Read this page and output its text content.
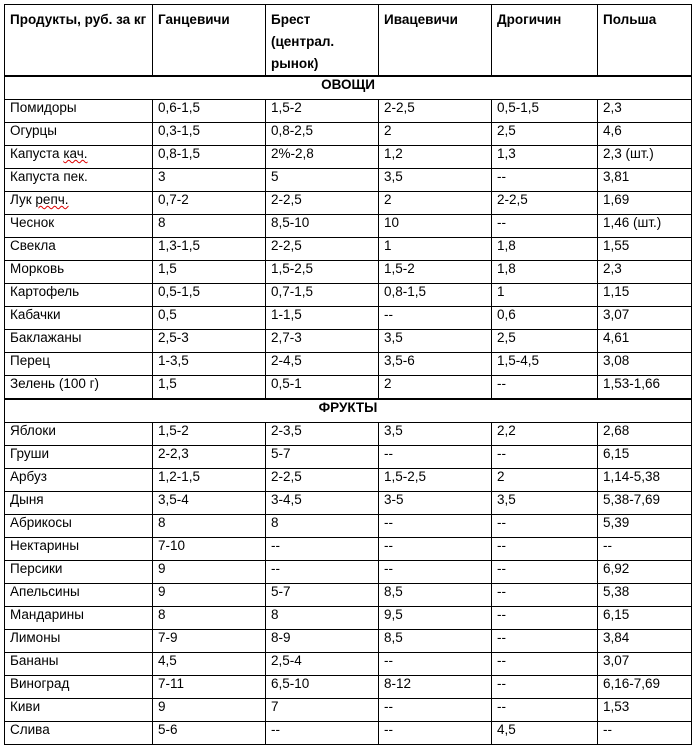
Продукты, руб. за кг	Ганцевичи	Брест (централ. рынок)	Ивацевичи	Дрогичин	Польша
ОВОЩИ					
Помидоры	0,6-1,5	1,5-2	2-2,5	0,5-1,5	2,3
Огурцы	0,3-1,5	0,8-2,5	2	2,5	4,6
Капуста кач.	0,8-1,5	2%-2,8	1,2	1,3	2,3 (шт.)
Капуста пек.	3	5	3,5	--	3,81
Лук репч.	0,7-2	2-2,5	2	2-2,5	1,69
Чеснок	8	8,5-10	10	--	1,46 (шт.)
Свекла	1,3-1,5	2-2,5	1	1,8	1,55
Морковь	1,5	1,5-2,5	1,5-2	1,8	2,3
Картофель	0,5-1,5	0,7-1,5	0,8-1,5	1	1,15
Кабачки	0,5	1-1,5	--	0,6	3,07
Баклажаны	2,5-3	2,7-3	3,5	2,5	4,61
Перец	1-3,5	2-4,5	3,5-6	1,5-4,5	3,08
Зелень (100 г)	1,5	0,5-1	2	--	1,53-1,66
ФРУКТЫ					
Яблоки	1,5-2	2-3,5	3,5	2,2	2,68
Груши	2-2,3	5-7	--	--	6,15
Арбуз	1,2-1,5	2-2,5	1,5-2,5	2	1,14-5,38
Дыня	3,5-4	3-4,5	3-5	3,5	5,38-7,69
Абрикосы	8	8	--	--	5,39
Нектарины	7-10	--	--	--	--
Персики	9	--	--	--	6,92
Апельсины	9	5-7	8,5	--	5,38
Мандарины	8	8	9,5	--	6,15
Лимоны	7-9	8-9	8,5	--	3,84
Бананы	4,5	2,5-4	--	--	3,07
Виноград	7-11	6,5-10	8-12	--	6,16-7,69
Киви	9	7	--	--	1,53
Слива	5-6	--	--	4,5	--
